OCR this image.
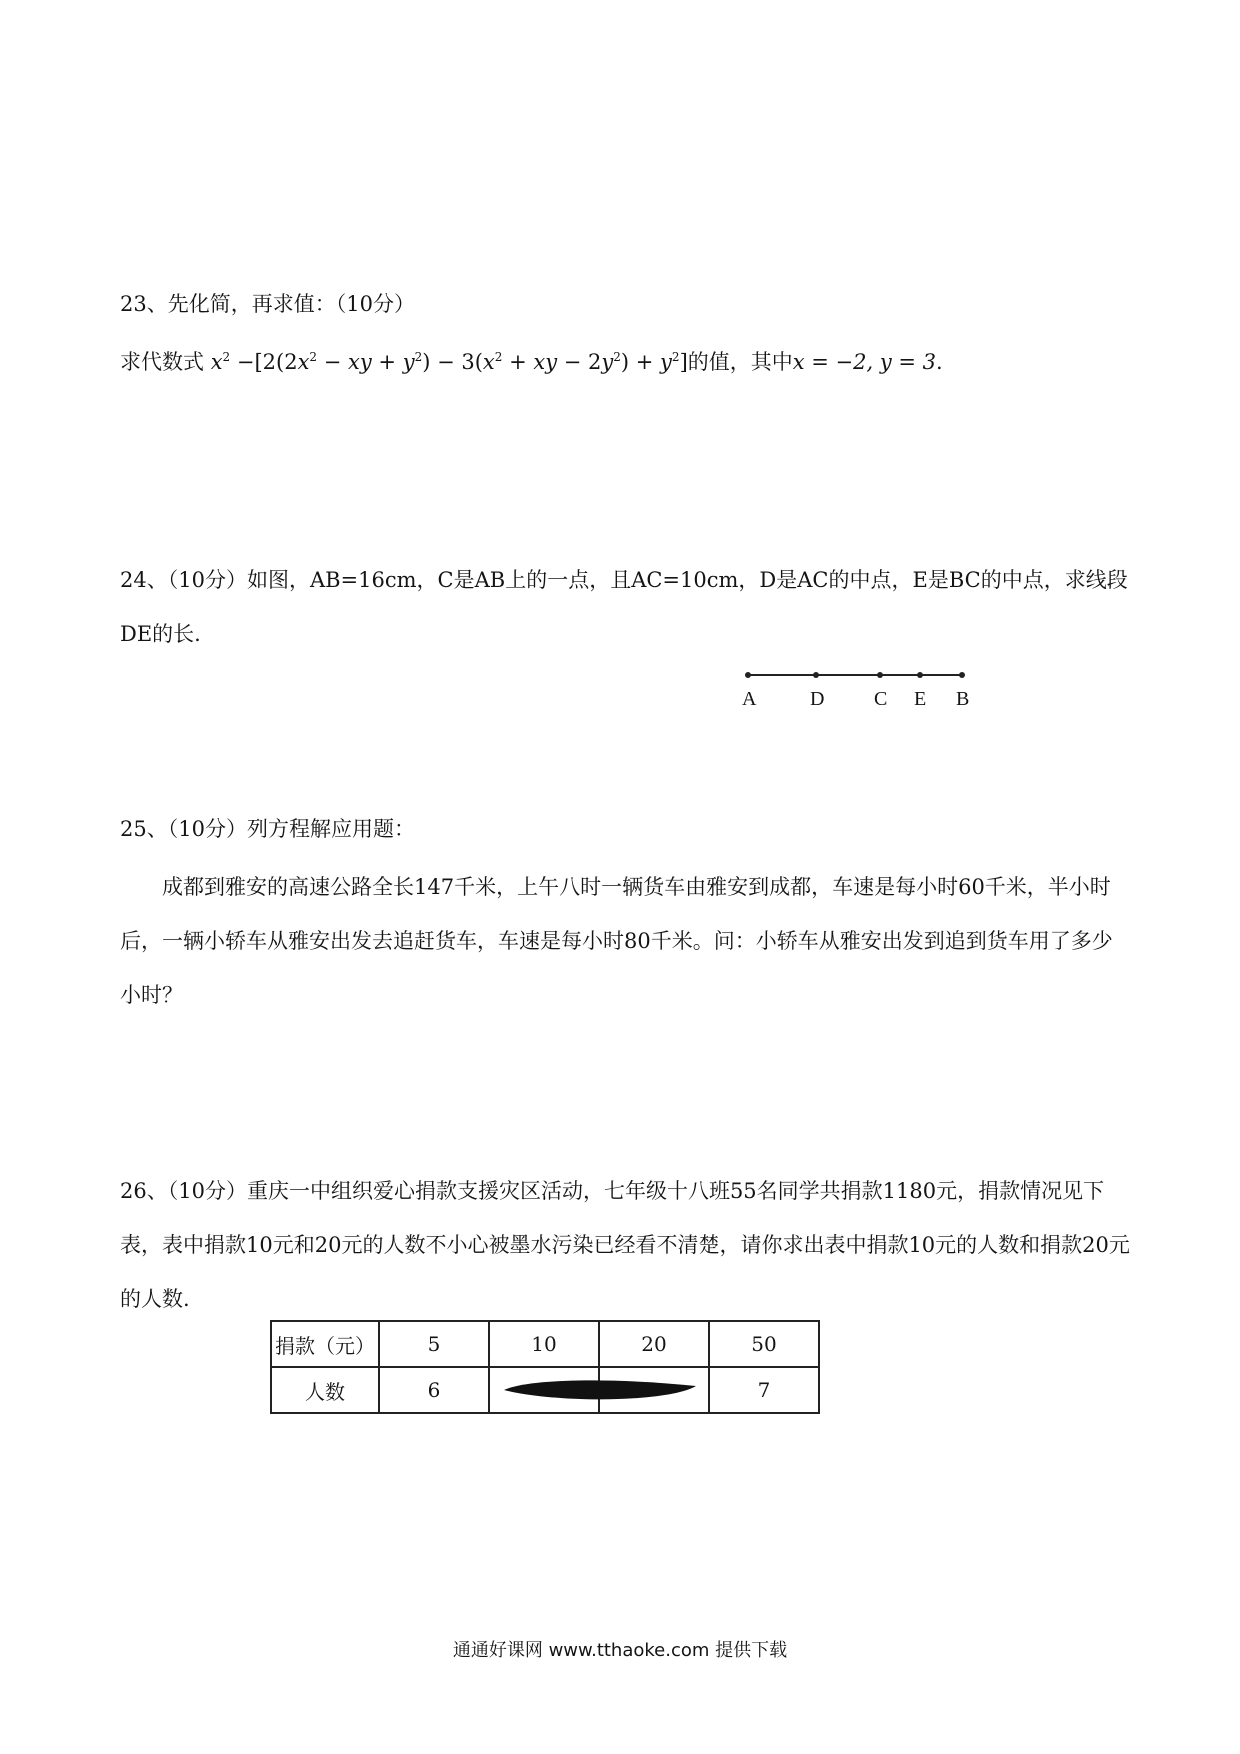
23、先化简，再求值：（10分）
求代数式 $x^2 -[2(2x^2$ − xy + $y^2) - 3(x^2$ + xy − $2y^2) + y^2$]的值，其中x = −2, y = 3.
24、（10分）如图，AB=16cm，C是AB上的一点，且AC=10cm，D是AC的中点，E是BC的中点，求线段DE的长.
A	D C E B
25、（10分）列方程解应用题：
成都到雅安的高速公路全长147千米，上午八时一辆货车由雅安到成都，车速是每小时60千米，半小时后，一辆小轿车从雅安出发去追赶货车，车速是每小时80千米。问：小轿车从雅安出发到追到货车用了多少小时？
26、（10分）重庆一中组织爱心捐款支援灾区活动，七年级十八班55名同学共捐款1180元，捐款情况见下表，表中捐款10元和20元的人数不小心被墨水污染已经看不清楚，请你求出表中捐款10元的人数和捐款20元的人数.
捐款（元）	5	10	20	50
人数	6			7
通通好课网 www.tthaoke.com 提供下载
